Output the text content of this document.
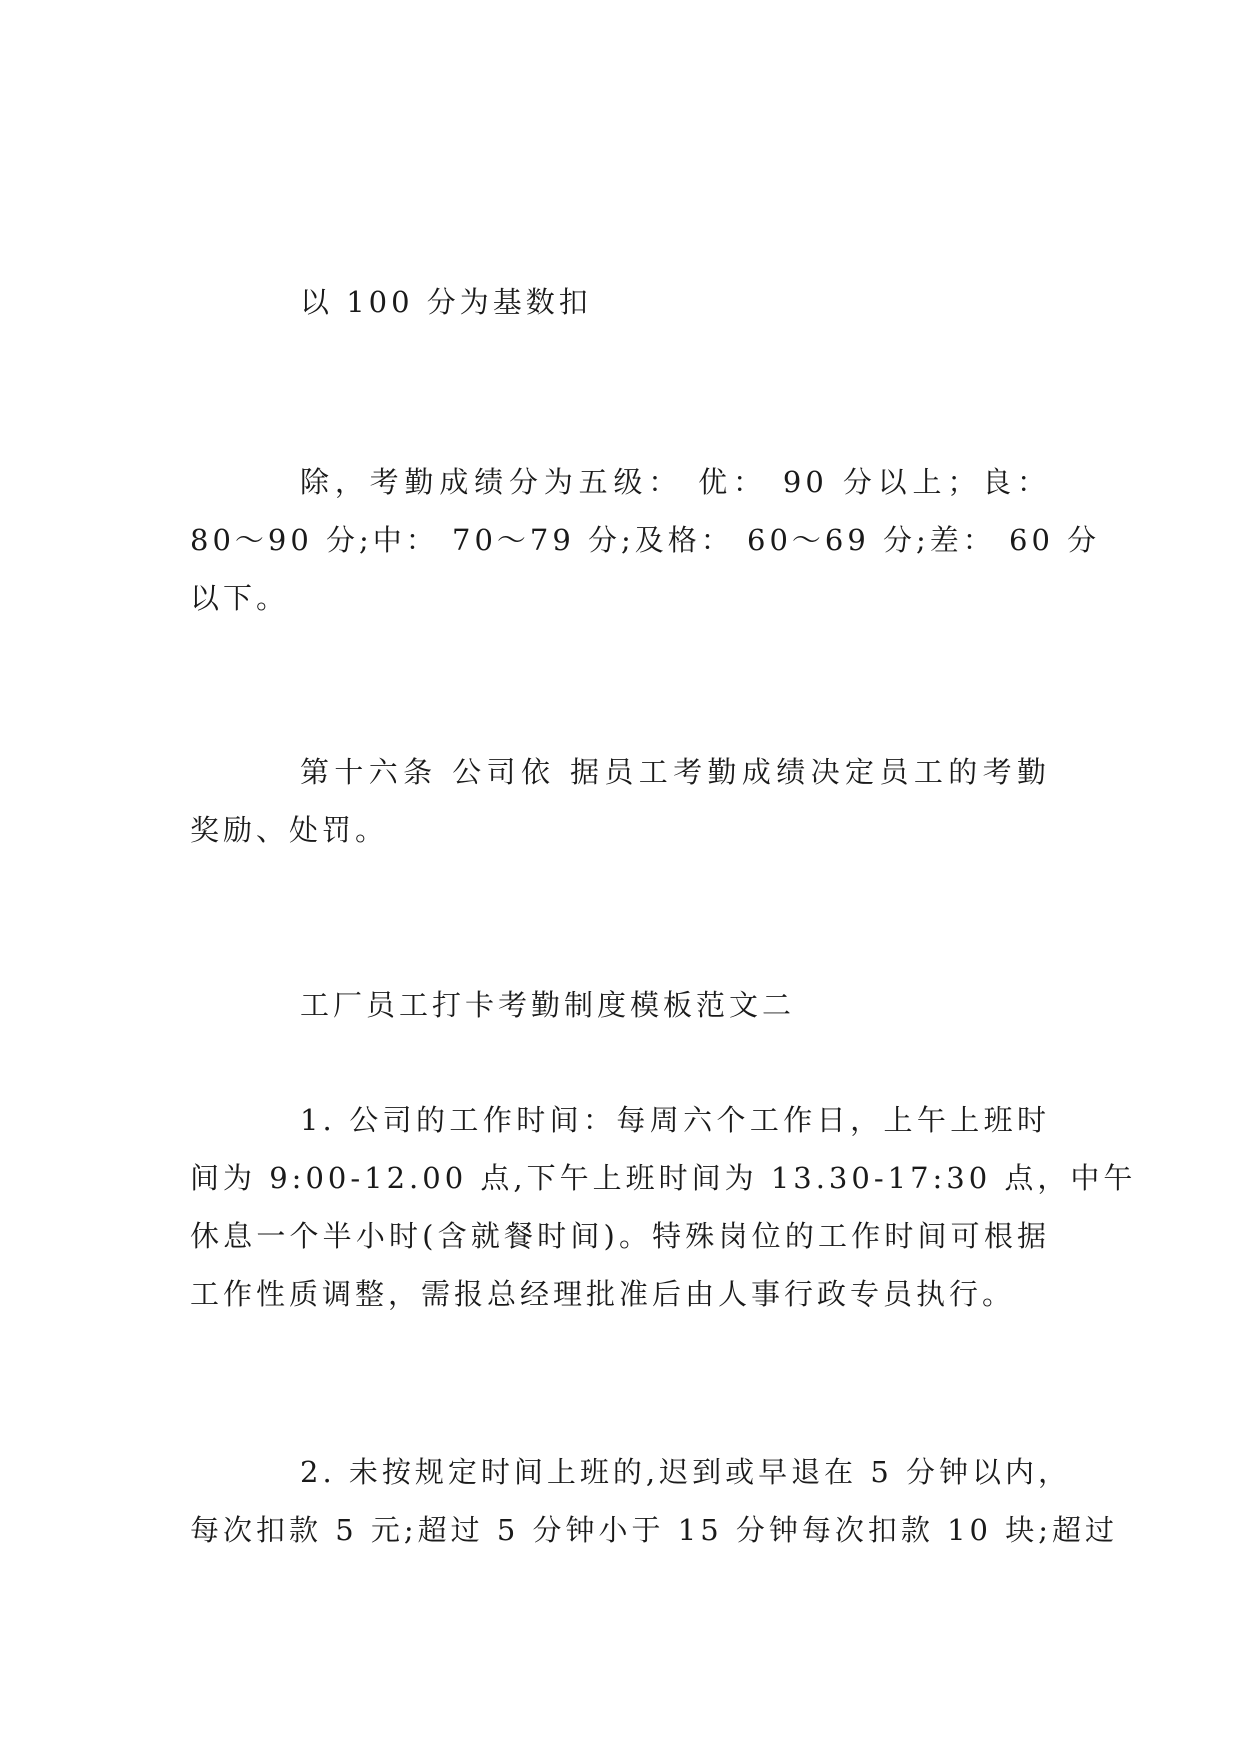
以 100 分为基数扣
除，考勤成绩分为五级： 优： 90 分以上；良：
80～90 分;中： 70～79 分;及格： 60～69 分;差： 60 分
以下。
第十六条 公司依 据员工考勤成绩决定员工的考勤
奖励、处罚。
工厂员工打卡考勤制度模板范文二
1. 公司的工作时间：每周六个工作日，上午上班时
间为 9:00-12.00 点,下午上班时间为 13.30-17:30 点，中午
休息一个半小时(含就餐时间)。特殊岗位的工作时间可根据
工作性质调整，需报总经理批准后由人事行政专员执行。
2. 未按规定时间上班的,迟到或早退在 5 分钟以内，
每次扣款 5 元;超过 5 分钟小于 15 分钟每次扣款 10 块;超过
